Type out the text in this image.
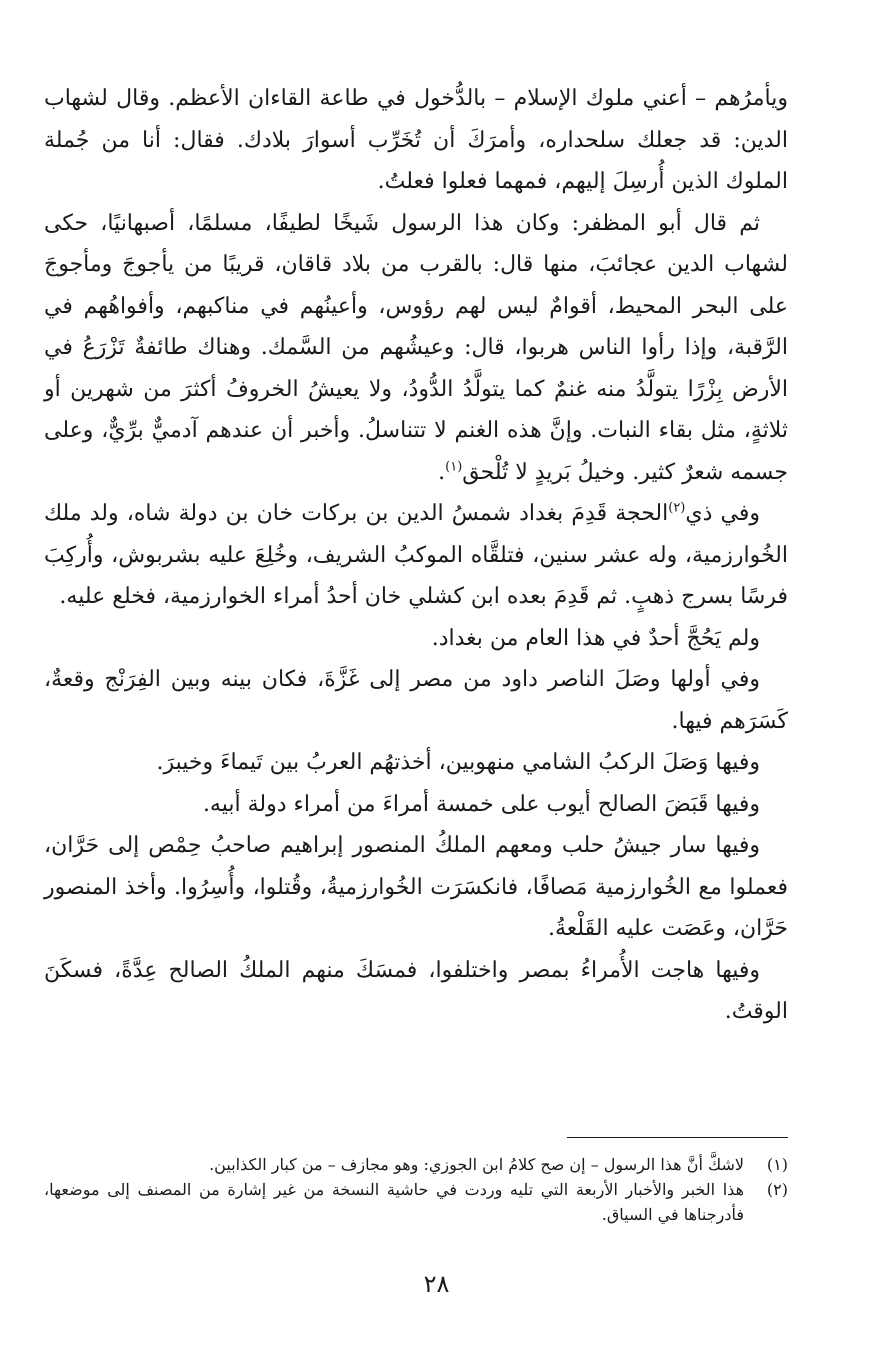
ويأمرُهم – أعني ملوك الإسلام – بالدُّخول في طاعة القاءان الأعظم. وقال لشهاب الدين: قد جعلك سلحداره، وأمرَكَ أن تُخَرِّب أسوارَ بلادك. فقال: أنا من جُملة الملوك الذين أُرسِلَ إليهم، فمهما فعلوا فعلتُ.

ثم قال أبو المظفر: وكان هذا الرسول شَيخًا لطيفًا، مسلمًا، أصبهانيًا، حكى لشهاب الدين عجائبَ، منها قال: بالقرب من بلاد قاقان، قريبًا من يأجوجَ ومأجوجَ على البحر المحيط، أقوامٌ ليس لهم رؤوس، وأعينُهم في مناكبهم، وأفواهُهم في الرَّقبة، وإذا رأوا الناس هربوا، قال: وعيشُهم من السَّمك. وهناك طائفةٌ تَزْرَعُ في الأرض بِزْرًا يتولَّدُ منه غنمٌ كما يتولَّدُ الدُّودُ، ولا يعيشُ الخروفُ أكثرَ من شهرين أو ثلاثةٍ، مثل بقاء النبات. وإنَّ هذه الغنم لا تتناسلُ. وأخبر أن عندهم آدميٌّ برِّيٌّ، وعلى جسمه شعرٌ كثير. وخيلُ بَريدٍ لا تُلْحق$^{(١)}$.

وفي ذي$^{(٢)}$الحجة قَدِمَ بغداد شمسُ الدين بن بركات خان بن دولة شاه، ولد ملك الخُوارزمية، وله عشر سنين، فتلقَّاه الموكبُ الشريف، وخُلِعَ عليه بشربوش، وأُركِبَ فرسًا بسرج ذهبٍ. ثم قَدِمَ بعده ابن كشلي خان أحدُ أمراء الخوارزمية، فخلع عليه.

ولم يَحُجَّ أحدٌ في هذا العام من بغداد.

وفي أولها وصَلَ الناصر داود من مصر إلى غَزَّةَ، فكان بينه وبين الفِرَنْج وقعةٌ، كَسَرَهم فيها.

وفيها وَصَلَ الركبُ الشامي منهوبين، أخذتهُم العربُ بين تَيماءَ وخيبرَ.

وفيها قَبَضَ الصالح أيوب على خمسة أمراءَ من أمراء دولة أبيه.

وفيها سار جيشُ حلب ومعهم الملكُ المنصور إبراهيم صاحبُ حِمْص إلى حَرَّان، فعملوا مع الخُوارزمية مَصافًا، فانكسَرَت الخُوارزميةُ، وقُتلوا، وأُسِرُوا. وأخذ المنصور حَرَّان، وعَصَت عليه القَلْعةُ.

وفيها هاجت الأُمراءُ بمصر واختلفوا، فمسَكَ منهم الملكُ الصالح عِدَّةً، فسكَنَ الوقتُ.

(١)
لاشكَّ أنَّ هذا الرسول – إن صح كلامُ ابن الجوزي: وهو مجازف – من كبار الكذابين.
(٢)
هذا الخبر والأخبار الأربعة التي تليه وردت في حاشية النسخة من غير إشارة من المصنف إلى موضعها، فأدرجناها في السياق.
٢٨
